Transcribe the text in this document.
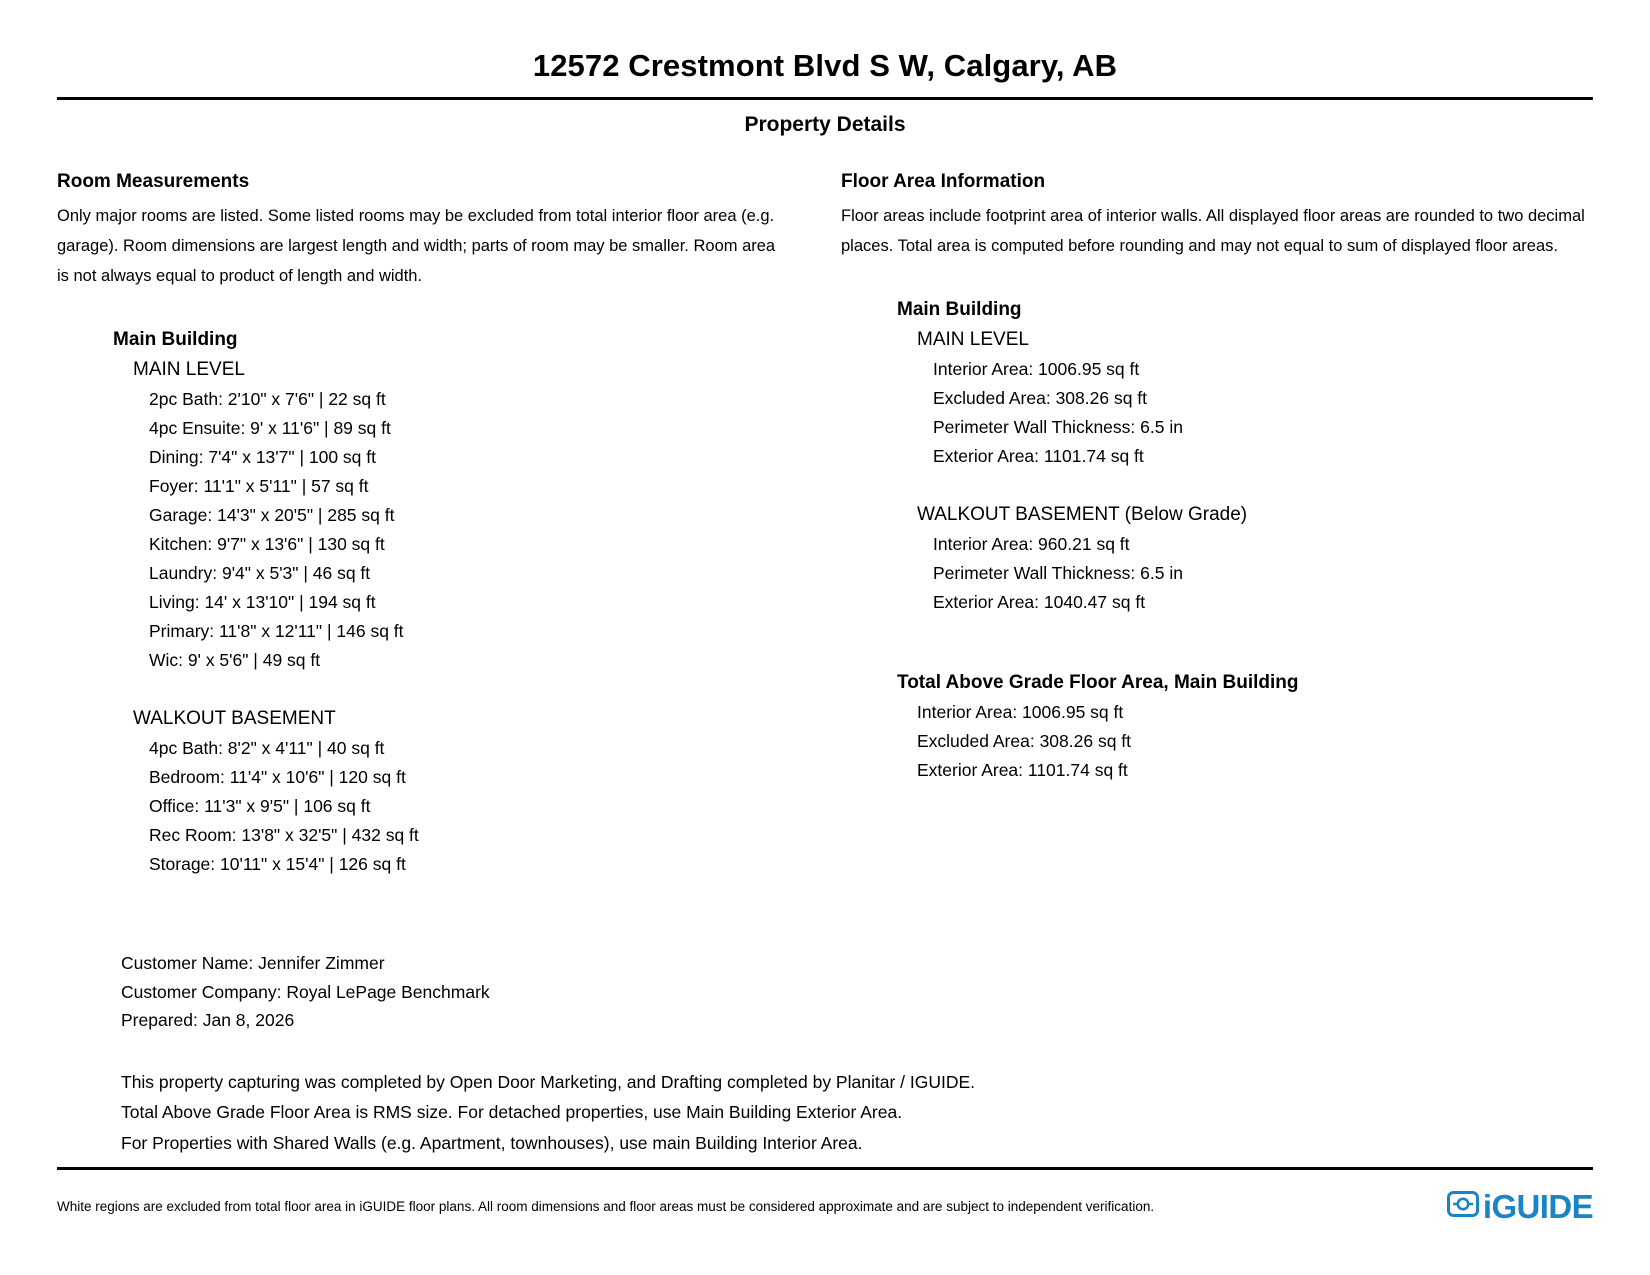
12572 Crestmont Blvd S W, Calgary, AB
Property Details
Room Measurements

Only major rooms are listed. Some listed rooms may be excluded from total interior floor area (e.g. garage). Room dimensions are largest length and width; parts of room may be smaller. Room area is not always equal to product of length and width.

Main Building
MAIN LEVEL
2pc Bath: 2'10" x 7'6" | 22 sq ft
4pc Ensuite: 9' x 11'6" | 89 sq ft
Dining: 7'4" x 13'7" | 100 sq ft
Foyer: 11'1" x 5'11" | 57 sq ft
Garage: 14'3" x 20'5" | 285 sq ft
Kitchen: 9'7" x 13'6" | 130 sq ft
Laundry: 9'4" x 5'3" | 46 sq ft
Living: 14' x 13'10" | 194 sq ft
Primary: 11'8" x 12'11" | 146 sq ft
Wic: 9' x 5'6" | 49 sq ft
WALKOUT BASEMENT
4pc Bath: 8'2" x 4'11" | 40 sq ft
Bedroom: 11'4" x 10'6" | 120 sq ft
Office: 11'3" x 9'5" | 106 sq ft
Rec Room: 13'8" x 32'5" | 432 sq ft
Storage: 10'11" x 15'4" | 126 sq ft
Floor Area Information

Floor areas include footprint area of interior walls. All displayed floor areas are rounded to two decimal places. Total area is computed before rounding and may not equal to sum of displayed floor areas.

Main Building
MAIN LEVEL
Interior Area: 1006.95 sq ft
Excluded Area: 308.26 sq ft
Perimeter Wall Thickness: 6.5 in
Exterior Area: 1101.74 sq ft
WALKOUT BASEMENT (Below Grade)
Interior Area: 960.21 sq ft
Perimeter Wall Thickness: 6.5 in
Exterior Area: 1040.47 sq ft
Total Above Grade Floor Area, Main Building
Interior Area: 1006.95 sq ft
Excluded Area: 308.26 sq ft
Exterior Area: 1101.74 sq ft
Customer Name: Jennifer Zimmer
Customer Company: Royal LePage Benchmark
Prepared: Jan 8, 2026
This property capturing was completed by Open Door Marketing, and Drafting completed by Planitar / IGUIDE.
Total Above Grade Floor Area is RMS size. For detached properties, use Main Building Exterior Area.
For Properties with Shared Walls (e.g. Apartment, townhouses), use main Building Interior Area.
White regions are excluded from total floor area in iGUIDE floor plans. All room dimensions and floor areas must be considered approximate and are subject to independent verification.	iGUIDE
